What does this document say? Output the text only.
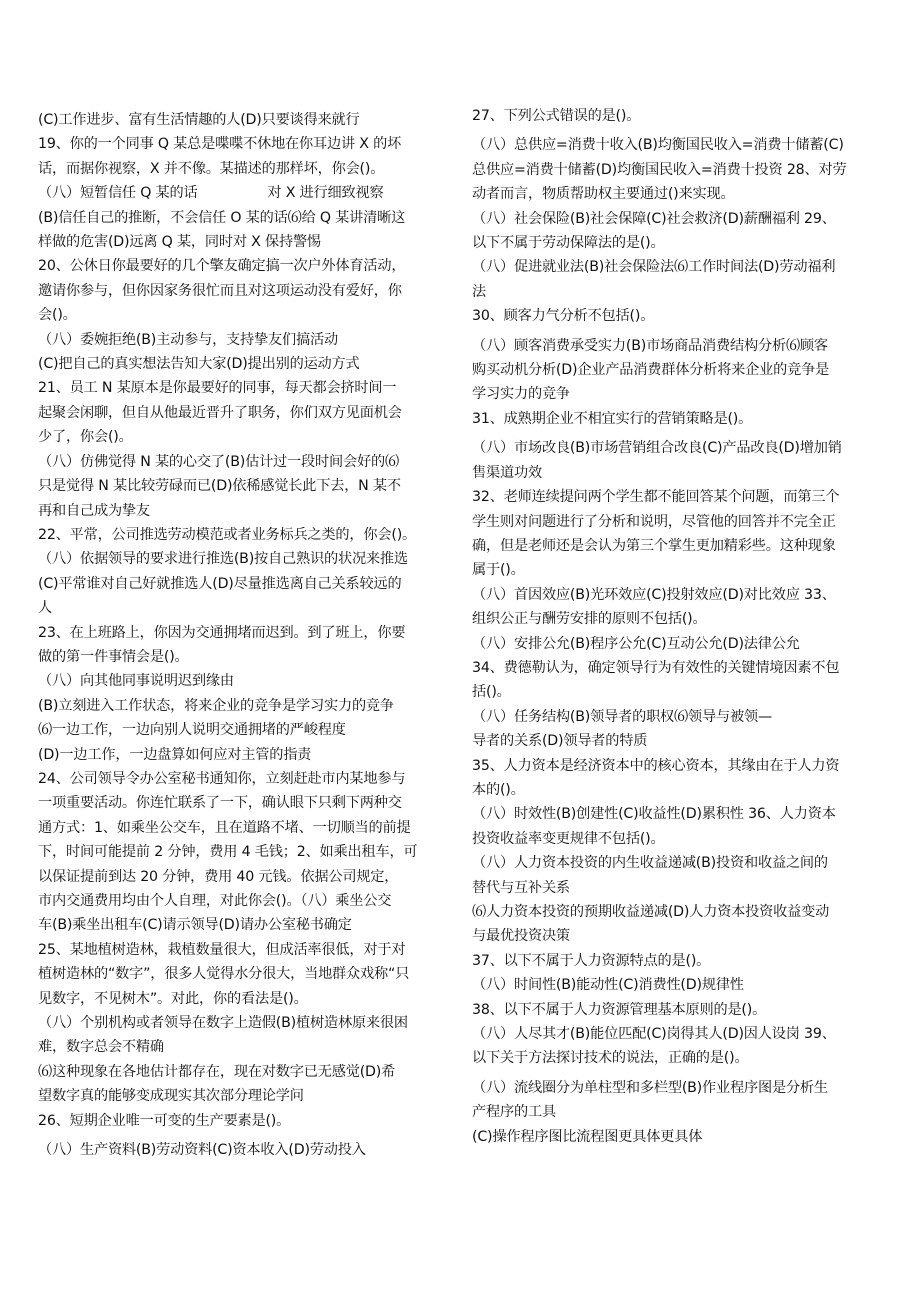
(C)工作进步、富有生活情趣的人(D)只要谈得来就行
19、你的一个同事 Q 某总是喋喋不休地在你耳边讲 X 的坏
话，而据你视察，X 并不像。某描述的那样坏，你会()。
（八）短暂信任 Q 某的话　　　　　对 X 进行细致视察
(B)信任自己的推断，不会信任 O 某的话⑹给 Q 某讲清晰这
样做的危害(D)远离 Q 某，同时对 X 保持警惕
20、公休日你最要好的几个擎友确定搞一次户外体育活动，
邀请你参与，但你因家务很忙而且对这项运动没有爱好，你
会()。
（八）委婉拒绝(B)主动参与，支持挚友们搞活动
(C)把自己的真实想法告知大家(D)提出别的运动方式
21、员工 N 某原本是你最要好的同事，每天都会挤时间一
起聚会闲聊，但自从他最近晋升了职务，你们双方见面机会
少了，你会()。
（八）仿佛觉得 N 某的心交了(B)估计过一段时间会好的⑹
只是觉得 N 某比较劳碌而已(D)依稀感觉长此下去，N 某不
再和自己成为挚友
22、平常，公司推选劳动模范或者业务标兵之类的，你会()。
（八）依据领导的要求进行推选(B)按自己熟识的状况来推选
(C)平常谁对自己好就推选人(D)尽量推选离自己关系较远的
人
23、在上班路上，你因为交通拥堵而迟到。到了班上，你要
做的第一件事情会是()。
（八）向其他同事说明迟到缘由
(B)立刻进入工作状态，将来企业的竞争是学习实力的竞争
⑹一边工作，一边向别人说明交通拥堵的严峻程度
(D)一边工作，一边盘算如何应对主管的指责
24、公司领导令办公室秘书通知你，立刻赶赴市内某地参与
一项重要活动。你连忙联系了一下，确认眼下只剩下两种交
通方式：1、如乘坐公交车，且在道路不堵、一切顺当的前提
下，时间可能提前 2 分钟，费用 4 毛钱；2、如乘出租车，可
以保证提前到达 20 分钟，费用 40 元钱。依据公司规定，
市内交通费用均由个人自理，对此你会()。（八）乘坐公交
车(B)乘坐出租车(C)请示领导(D)请办公室秘书确定
25、某地植树造林，栽植数量很大，但成活率很低，对于对
植树造林的“数字”，很多人觉得水分很大，当地群众戏称“只
见数字，不见树木”。对此，你的看法是()。
（八）个别机构或者领导在数字上造假(B)植树造林原来很困
难，数字总会不精确
⑹这种现象在各地估计都存在，现在对数字已无感觉(D)希
望数字真的能够变成现实其次部分理论学问
26、短期企业唯一可变的生产要素是()。
（八）生产资料(B)劳动资料(C)资本收入(D)劳动投入
27、下列公式错误的是()。
（八）总供应=消费十收入(B)均衡国民收入=消费十储蓄(C)
总供应=消费十储蓄(D)均衡国民收入=消费十投资 28、对劳
动者而言，物质帮助权主要通过()来实现。
（八）社会保险(B)社会保障(C)社会救济(D)薪酬福利 29、
以下不属于劳动保障法的是()。
（八）促进就业法(B)社会保险法⑹工作时间法(D)劳动福利
法
30、顾客力气分析不包括()。
（八）顾客消费承受实力(B)市场商品消费结构分析⑹顾客
购买动机分析(D)企业产品消费群体分析将来企业的竞争是
学习实力的竞争
31、成熟期企业不相宜实行的营销策略是()。
（八）市场改良(B)市场营销组合改良(C)产品改良(D)增加销
售渠道功效
32、老师连续提问两个学生都不能回答某个问题，而第三个
学生则对问题进行了分析和说明，尽管他的回答并不完全正
确，但是老师还是会认为第三个掌生更加精彩些。这种现象
属于()。
（八）首因效应(B)光环效应(C)投射效应(D)对比效应 33、
组织公正与酬劳安排的原则不包括()。
（八）安排公允(B)程序公允(C)互动公允(D)法律公允
34、费德勒认为，确定领导行为有效性的关键情境因素不包
括()。
（八）任务结构(B)领导者的职权⑹领导与被领—
导者的关系(D)领导者的特质
35、人力资本是经济资本中的核心资本，其缘由在于人力资
本的()。
（八）时效性(B)创建性(C)收益性(D)累积性 36、人力资本
投资收益率变更规律不包括()。
（八）人力资本投资的内生收益递减(B)投资和收益之间的
替代与互补关系
⑹人力资本投资的预期收益递减(D)人力资本投资收益变动
与最优投资决策
37、以下不属于人力资源特点的是()。
（八）时间性(B)能动性(C)消费性(D)规律性
38、以下不属于人力资源管理基本原则的是()。
（八）人尽其才(B)能位匹配(C)岗得其人(D)因人设岗 39、
以下关于方法探讨技术的说法，正确的是()。
（八）流线圈分为单柱型和多栏型(B)作业程序图是分析生
产程序的工具
(C)操作程序图比流程图更具体更具体
